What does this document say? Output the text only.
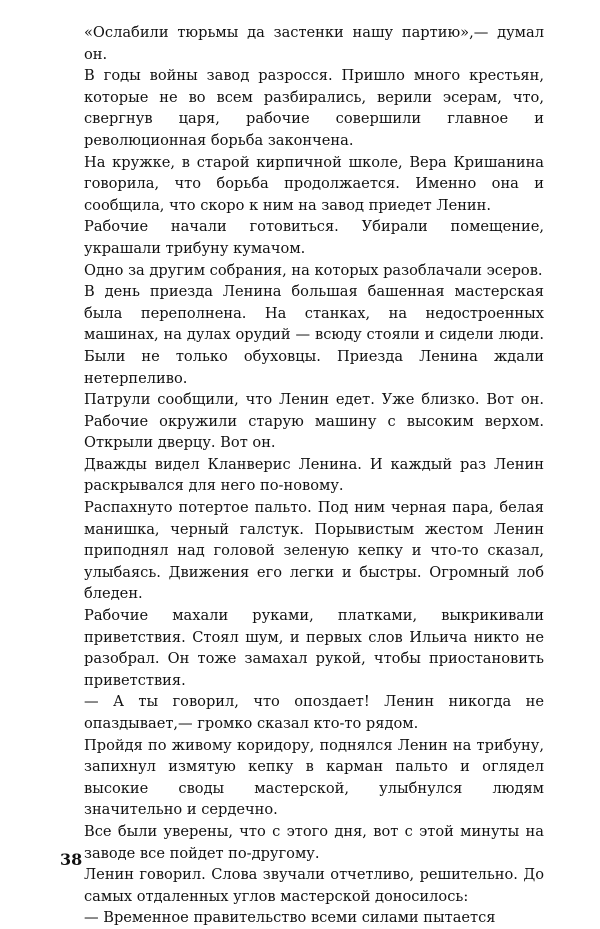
«Ослабили тюрьмы да застенки нашу партию»,— думал он.

В годы войны завод разросся. Пришло много крестьян, которые не во всем разбирались, верили эсерам, что, свергнув царя, рабочие совершили главное и революционная борьба закончена.

На кружке, в старой кирпичной школе, Вера Кришанина говорила, что борьба продолжается. Именно она и сообщила, что скоро к ним на завод приедет Ленин.

Рабочие начали готовиться. Убирали помещение, украшали трибуну кумачом.

Одно за другим собрания, на которых разоблачали эсеров.

В день приезда Ленина большая башенная мастерская была переполнена. На станках, на недостроенных машинах, на дулах орудий — всюду стояли и сидели люди. Были не только обуховцы. Приезда Ленина ждали нетерпеливо.

Патрули сообщили, что Ленин едет. Уже близко. Вот он. Рабочие окружили старую машину с высоким верхом. Открыли дверцу. Вот он.

Дважды видел Кланверис Ленина. И каждый раз Ленин раскрывался для него по-новому.

Распахнуто потертое пальто. Под ним черная пара, белая манишка, черный галстук. Порывистым жестом Ленин приподнял над головой зеленую кепку и что-то сказал, улыбаясь. Движения его легки и быстры. Огромный лоб бледен.

Рабочие махали руками, платками, выкрикивали приветствия. Стоял шум, и первых слов Ильича никто не разобрал. Он тоже замахал рукой, чтобы приостановить приветствия.

— А ты говорил, что опоздает! Ленин никогда не опаздывает,— громко сказал кто-то рядом.

Пройдя по живому коридору, поднялся Ленин на трибуну, запихнул измятую кепку в карман пальто и оглядел высокие своды мастерской, улыбнулся людям значительно и сердечно.

Все были уверены, что с этого дня, вот с этой минуты на заводе все пойдет по-другому.

Ленин говорил. Слова звучали отчетливо, решительно. До самых отдаленных углов мастерской доносилось:

— Временное правительство всеми силами пытается

38
